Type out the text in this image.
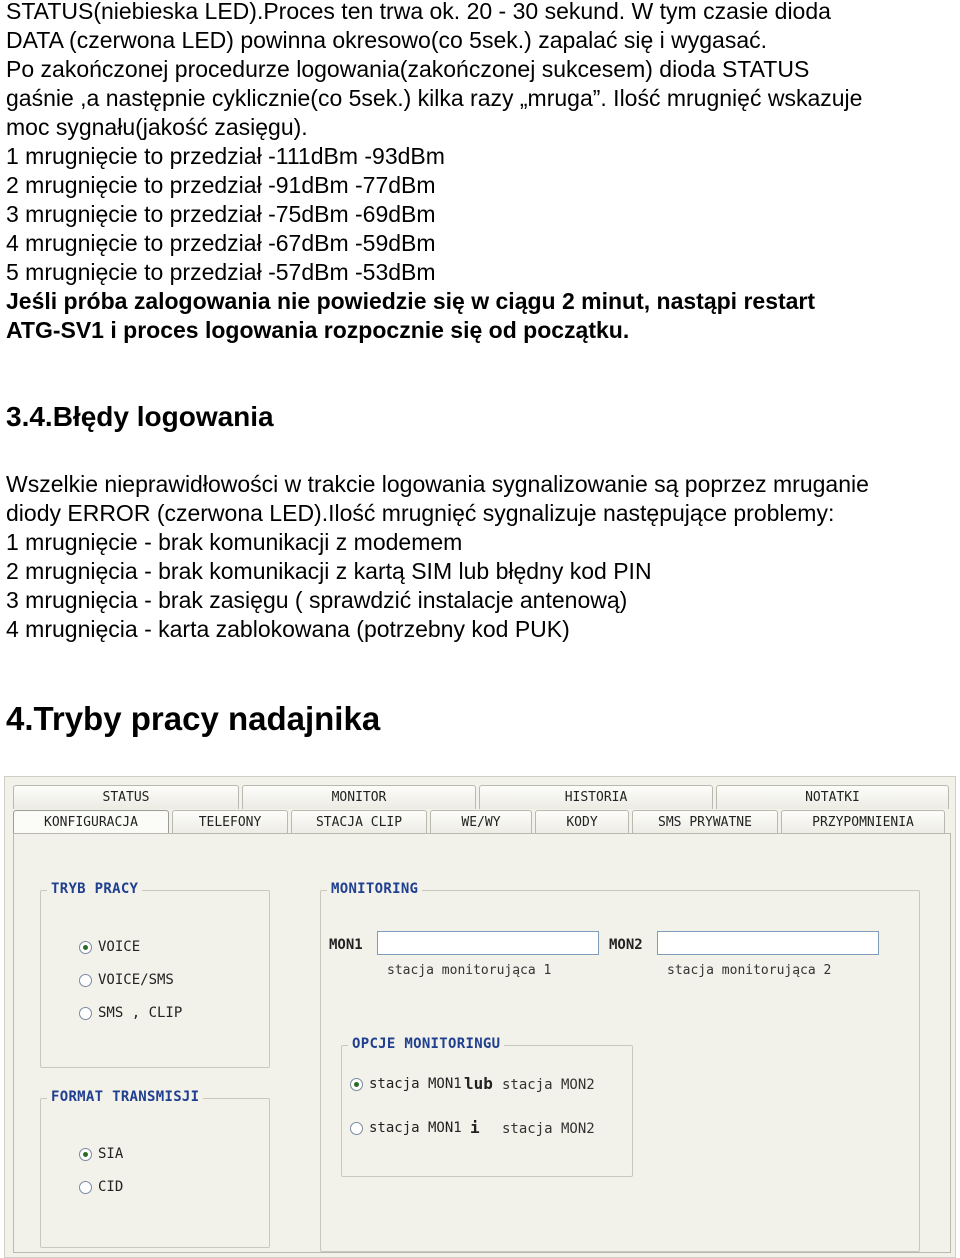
STATUS(niebieska LED).Proces ten trwa ok. 20 - 30 sekund. W tym czasie dioda
DATA (czerwona LED) powinna okresowo(co 5sek.) zapalać się i wygasać.
Po zakończonej procedurze logowania(zakończonej sukcesem) dioda STATUS
gaśnie ,a następnie cyklicznie(co 5sek.) kilka razy „mruga”. Ilość mrugnięć wskazuje
moc sygnału(jakość zasięgu).
1 mrugnięcie to przedział -111dBm -93dBm
2 mrugnięcie to przedział -91dBm -77dBm
3 mrugnięcie to przedział -75dBm -69dBm
4 mrugnięcie to przedział -67dBm -59dBm
5 mrugnięcie to przedział -57dBm -53dBm
Jeśli próba zalogowania nie powiedzie się w ciągu 2 minut, nastąpi restart
ATG-SV1 i proces logowania rozpocznie się od początku.
3.4.Błędy logowania
Wszelkie nieprawidłowości w trakcie logowania sygnalizowanie są poprzez mruganie
diody ERROR (czerwona LED).Ilość mrugnięć sygnalizuje następujące problemy:
1 mrugnięcie - brak komunikacji z modemem
2 mrugnięcia - brak komunikacji z kartą SIM lub błędny kod PIN
3 mrugnięcia - brak zasięgu ( sprawdzić instalacje antenową)
4 mrugnięcia - karta zablokowana (potrzebny kod PUK)
4.Tryby pracy nadajnika
STATUS	MONITOR	HISTORIA	NOTATKI
KONFIGURACJA	TELEFONY	STACJA CLIP	WE/WY	KODY	SMS PRYWATNE	PRZYPOMNIENIA
TRYB PRACY
VOICE
VOICE/SMS
SMS , CLIP
FORMAT TRANSMISJI
SIA
CID
MONITORING
MON1
stacja monitorująca 1
MON2
stacja monitorująca 2
OPCJE MONITORINGU
stacja MON1 lub stacja MON2
stacja MON1 i stacja MON2
